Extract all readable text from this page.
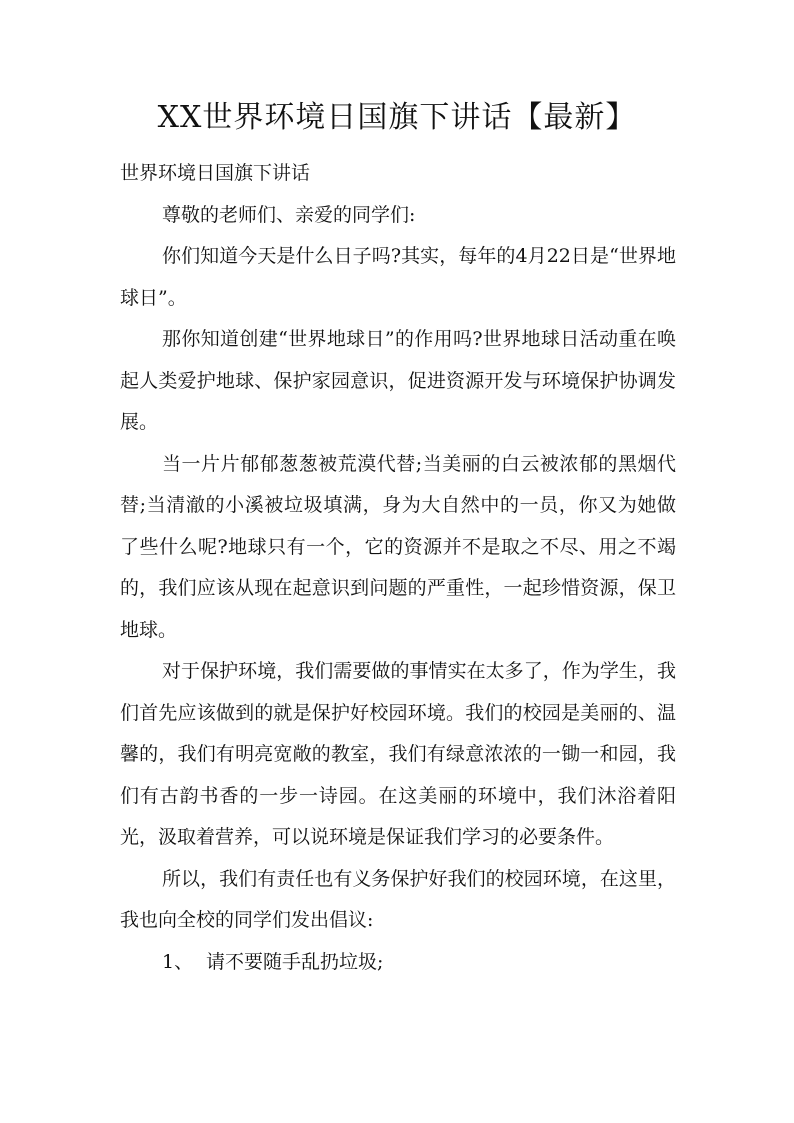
XX世界环境日国旗下讲话【最新】

世界环境日国旗下讲话

尊敬的老师们、亲爱的同学们:

你们知道今天是什么日子吗?其实，每年的4月22日是“世界地球日”。

那你知道创建“世界地球日”的作用吗?世界地球日活动重在唤起人类爱护地球、保护家园意识，促进资源开发与环境保护协调发展。

当一片片郁郁葱葱被荒漠代替;当美丽的白云被浓郁的黑烟代替;当清澈的小溪被垃圾填满，身为大自然中的一员，你又为她做了些什么呢?地球只有一个，它的资源并不是取之不尽、用之不竭的，我们应该从现在起意识到问题的严重性，一起珍惜资源，保卫地球。

对于保护环境，我们需要做的事情实在太多了，作为学生，我们首先应该做到的就是保护好校园环境。我们的校园是美丽的、温馨的，我们有明亮宽敞的教室，我们有绿意浓浓的一锄一和园，我们有古韵书香的一步一诗园。在这美丽的环境中，我们沐浴着阳光，汲取着营养，可以说环境是保证我们学习的必要条件。

所以，我们有责任也有义务保护好我们的校园环境，在这里，我也向全校的同学们发出倡议:

1、 请不要随手乱扔垃圾;
